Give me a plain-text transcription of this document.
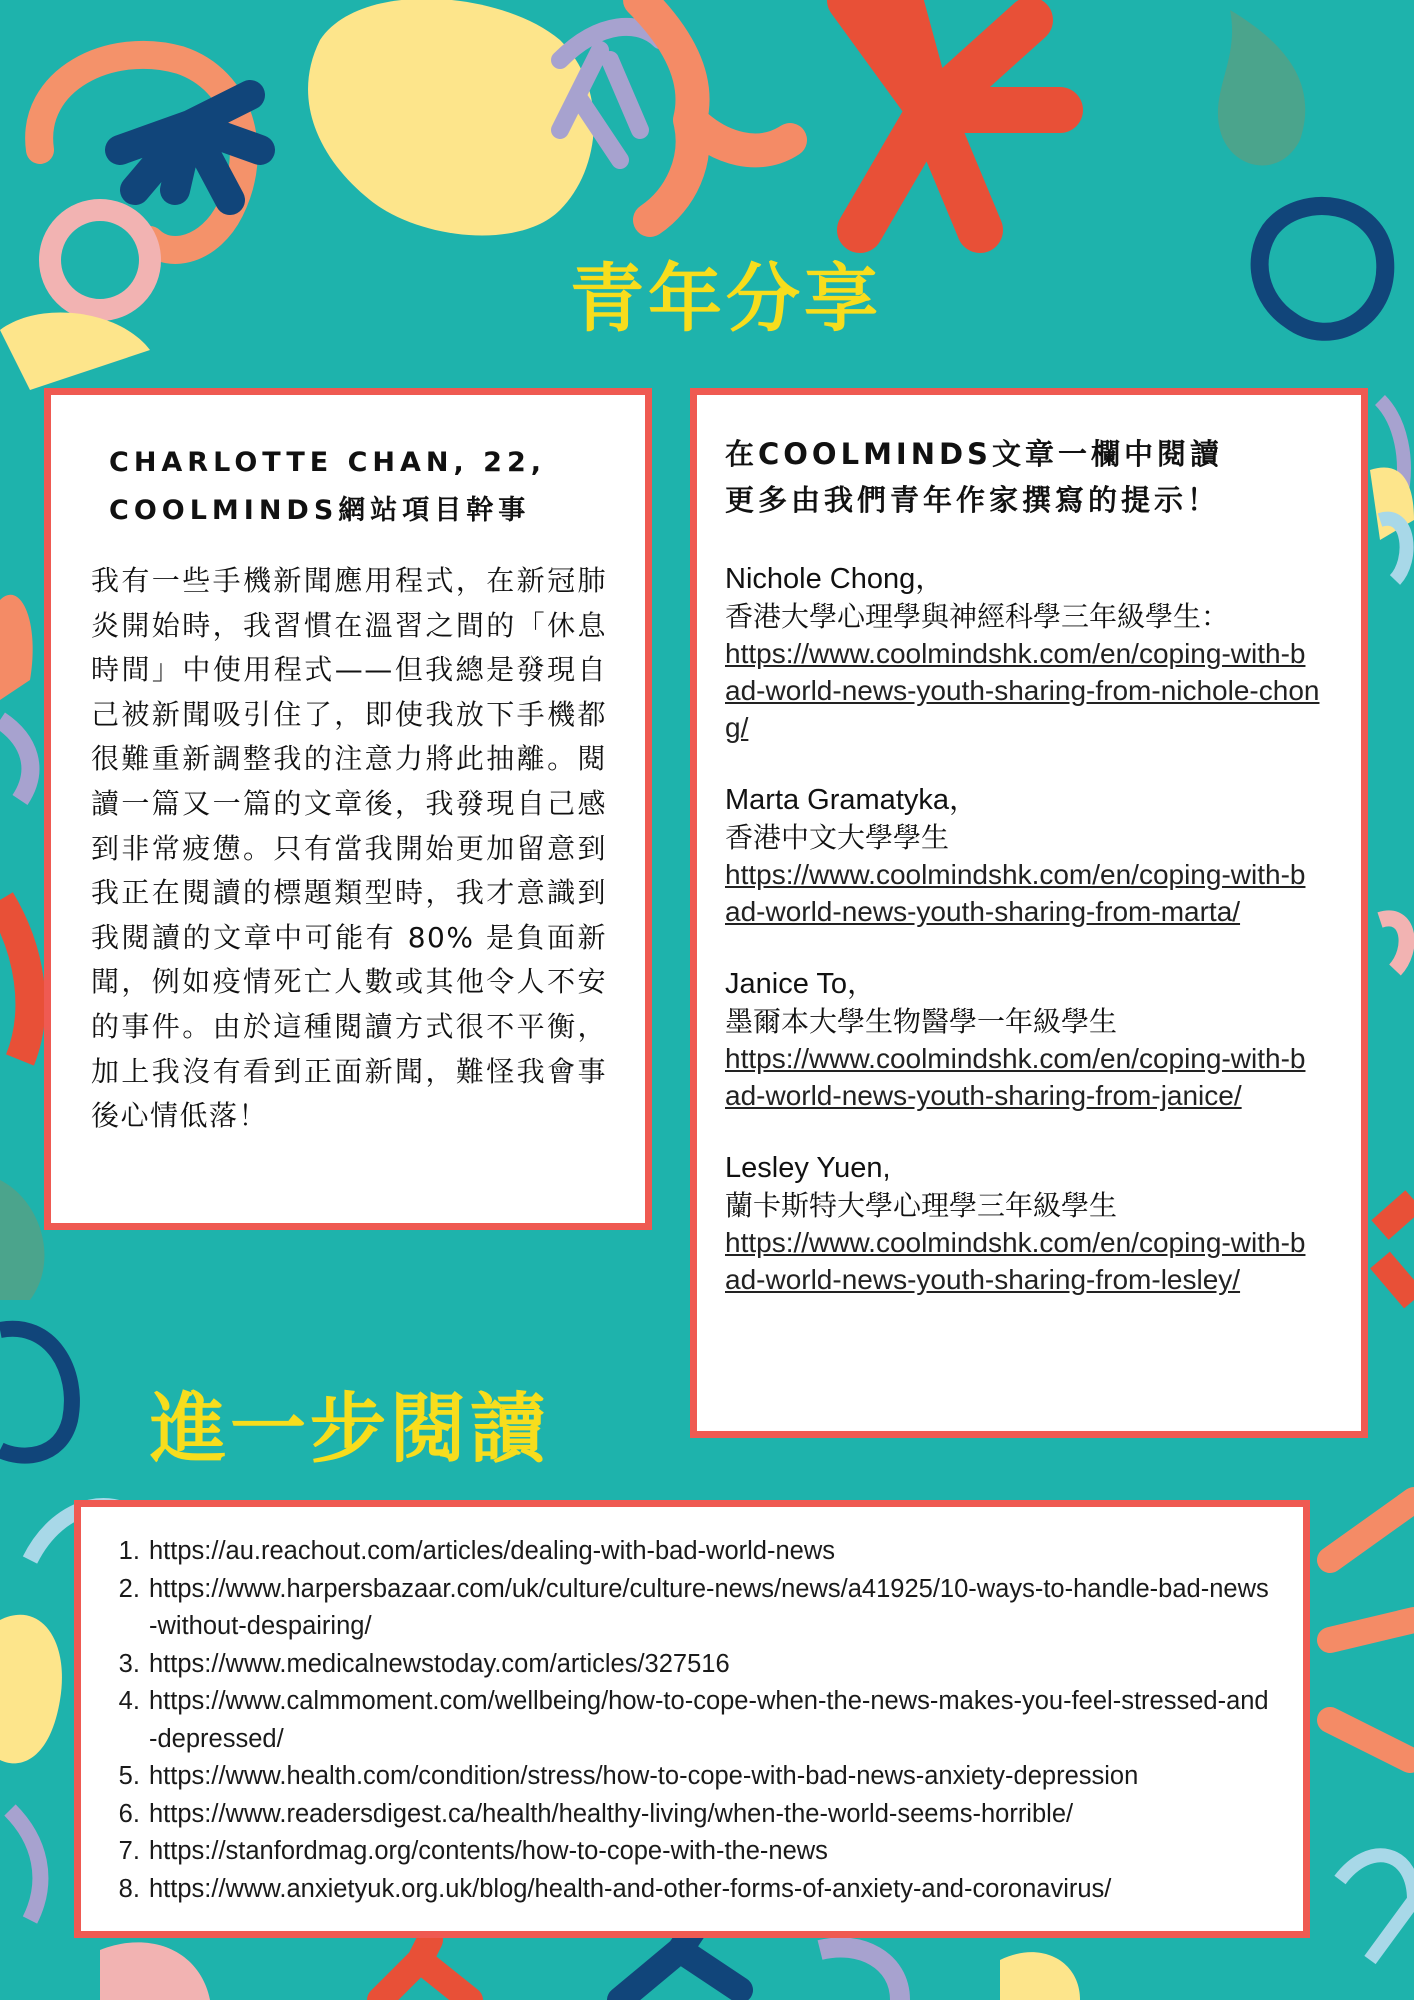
青年分享
CHARLOTTE CHAN, 22,
COOLMINDS網站項目幹事

我有一些手機新聞應用程式，在新冠肺炎開始時，我習慣在溫習之間的「休息時間」中使用程式——但我總是發現自己被新聞吸引住了，即使我放下手機都很難重新調整我的注意力將此抽離。閱讀一篇又一篇的文章後，我發現自己感到非常疲憊。只有當我開始更加留意到我正在閱讀的標題類型時，我才意識到我閱讀的文章中可能有 80% 是負面新聞，例如疫情死亡人數或其他令人不安的事件。由於這種閱讀方式很不平衡，加上我沒有看到正面新聞，難怪我會事後心情低落！

在COOLMINDS文章一欄中閱讀
更多由我們青年作家撰寫的提示！
Nichole Chong，
香港大學心理學與神經科學三年級學生：
https://www.coolmindshk.com/en/coping-with-bad-world-news-youth-sharing-from-nichole-chong/
Marta Gramatyka，
香港中文大學學生
https://www.coolmindshk.com/en/coping-with-bad-world-news-youth-sharing-from-marta/
Janice To，
墨爾本大學生物醫學一年級學生
https://www.coolmindshk.com/en/coping-with-bad-world-news-youth-sharing-from-janice/
Lesley Yuen,
蘭卡斯特大學心理學三年級學生
https://www.coolmindshk.com/en/coping-with-bad-world-news-youth-sharing-from-lesley/
進一步閱讀
1. https://au.reachout.com/articles/dealing-with-bad-world-news
2. https://www.harpersbazaar.com/uk/culture/culture-news/news/a41925/10-ways-to-handle-bad-news-without-despairing/
3. https://www.medicalnewstoday.com/articles/327516
4. https://www.calmmoment.com/wellbeing/how-to-cope-when-the-news-makes-you-feel-stressed-and-depressed/
5. https://www.health.com/condition/stress/how-to-cope-with-bad-news-anxiety-depression
6. https://www.readersdigest.ca/health/healthy-living/when-the-world-seems-horrible/
7. https://stanfordmag.org/contents/how-to-cope-with-the-news
8. https://www.anxietyuk.org.uk/blog/health-and-other-forms-of-anxiety-and-coronavirus/
